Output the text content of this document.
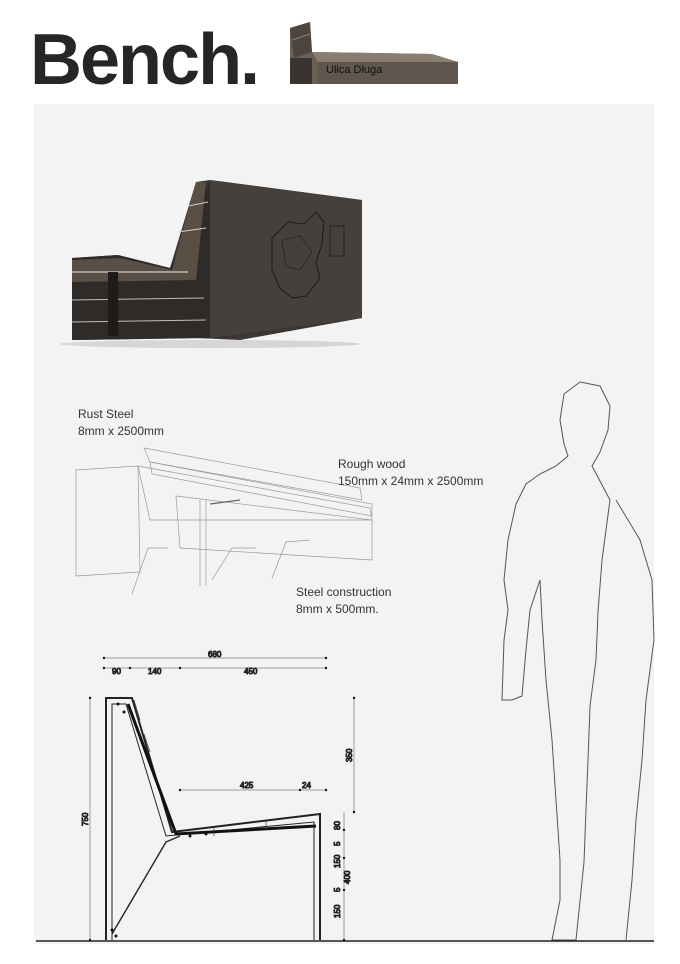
Bench.	Ulica Długa
680
90	140	450
425	24
750
350
400
80
5
150
5
150
Rust Steel
8mm x 2500mm
Rough wood
150mm x 24mm x 2500mm
Steel construction
8mm x 500mm.
